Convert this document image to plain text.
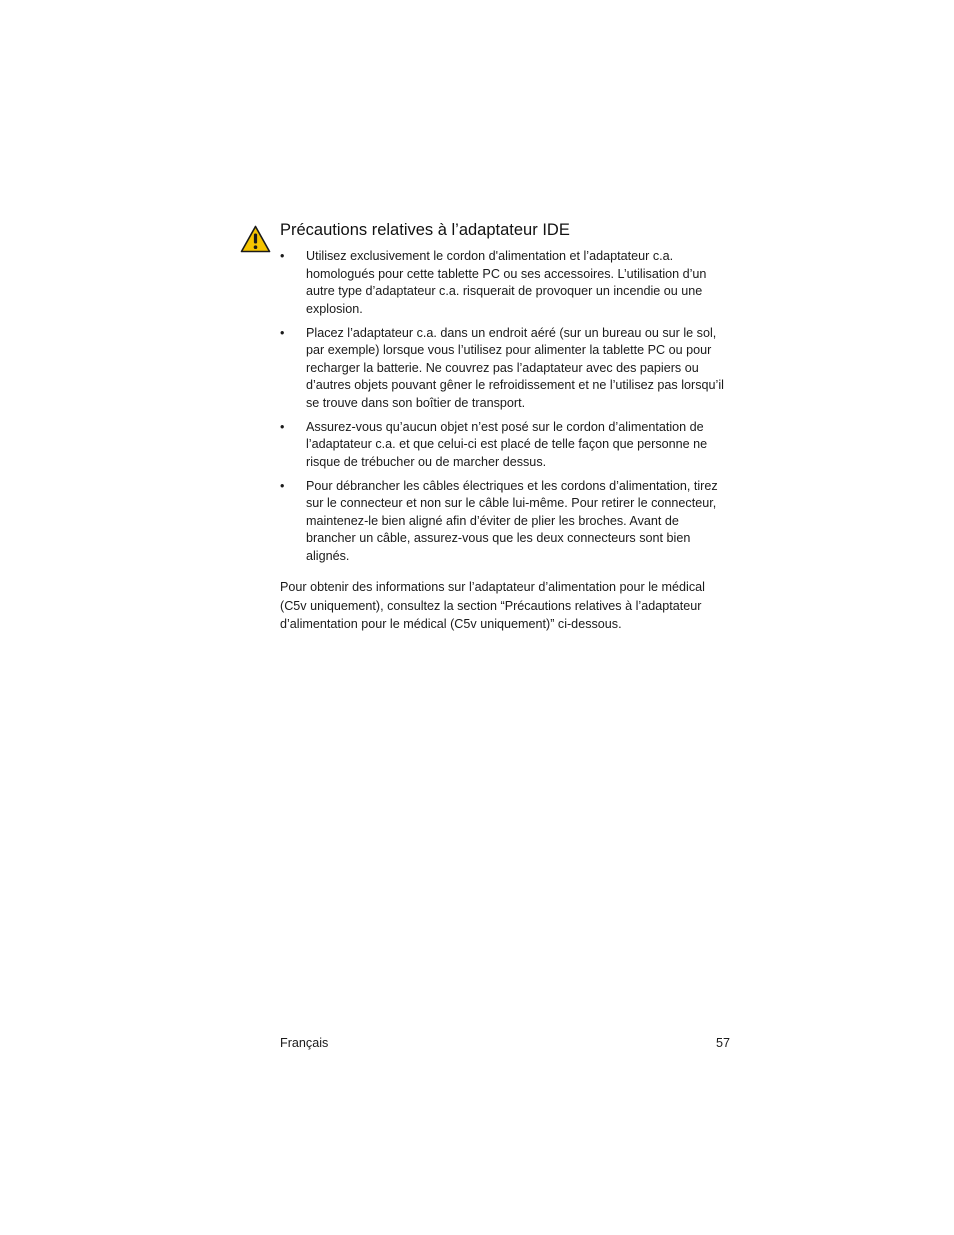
Précautions relatives à l’adaptateur IDE
• Utilisez exclusivement le cordon d'alimentation et l’adaptateur c.a. homologués pour cette tablette PC ou ses accessoires. L’utilisation d’un autre type d’adaptateur c.a. risquerait de provoquer un incendie ou une explosion.
• Placez l’adaptateur c.a. dans un endroit aéré (sur un bureau ou sur le sol, par exemple) lorsque vous l’utilisez pour alimenter la tablette PC ou pour recharger la batterie. Ne couvrez pas l’adaptateur avec des papiers ou d’autres objets pouvant gêner le refroidissement et ne l’utilisez pas lorsqu’il se trouve dans son boîtier de transport.
• Assurez-vous qu’aucun objet n’est posé sur le cordon d’alimentation de l’adaptateur c.a. et que celui-ci est placé de telle façon que personne ne risque de trébucher ou de marcher dessus.
• Pour débrancher les câbles électriques et les cordons d’alimentation, tirez sur le connecteur et non sur le câble lui-même. Pour retirer le connecteur, maintenez-le bien aligné afin d’éviter de plier les broches. Avant de brancher un câble, assurez-vous que les deux connecteurs sont bien alignés.

Pour obtenir des informations sur l’adaptateur d’alimentation pour le médical (C5v uniquement), consultez la section “Précautions relatives à l’adaptateur d’alimentation pour le médical (C5v uniquement)” ci-dessous.

Français	57
